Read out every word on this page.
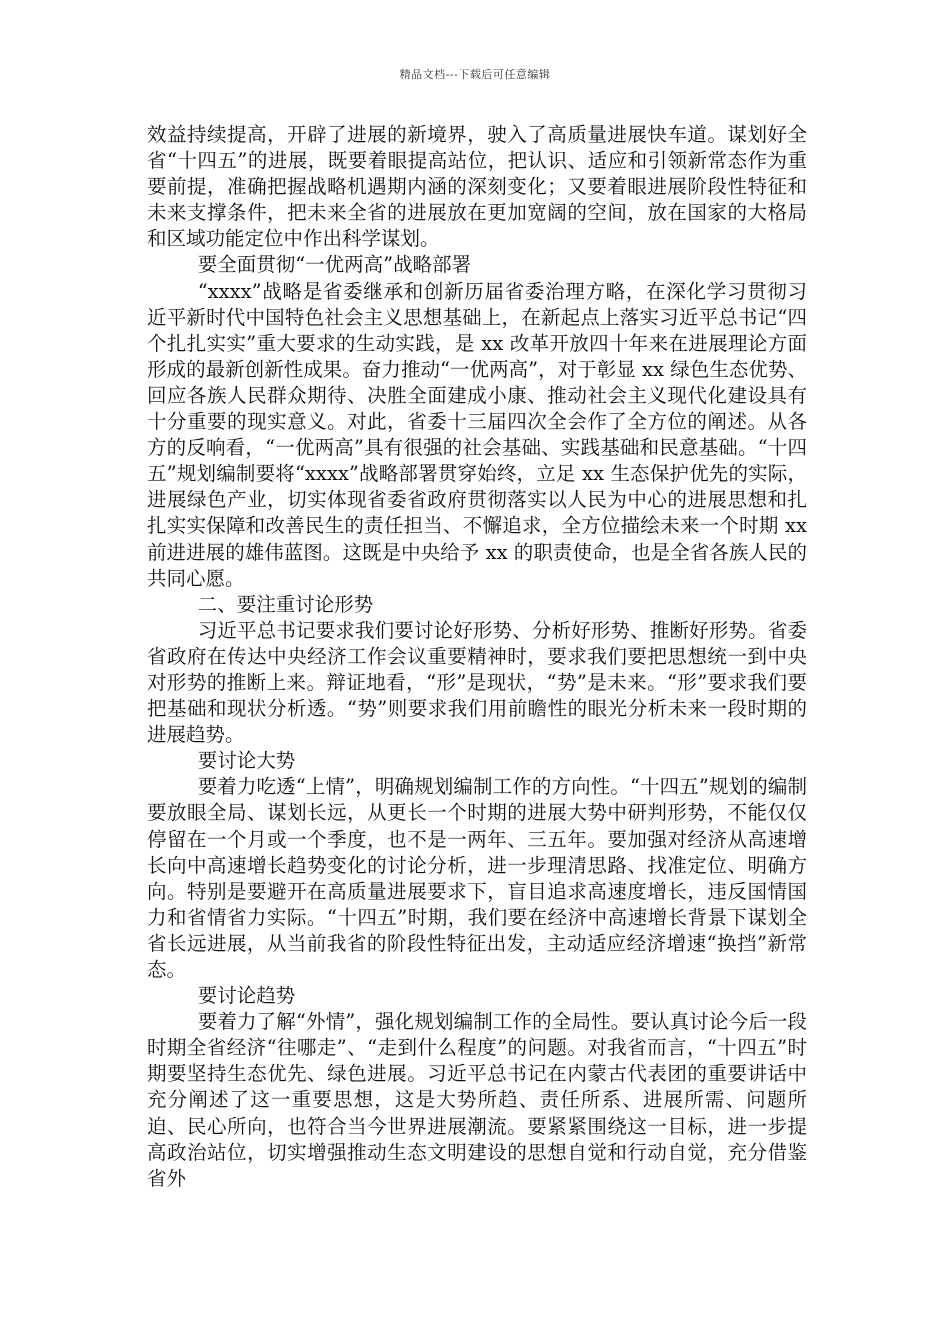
精品文档---下载后可任意编辑

效益持续提高，开辟了进展的新境界，驶入了高质量进展快车道。谋划好全省“十四五”的进展，既要着眼提高站位，把认识、适应和引领新常态作为重要前提，准确把握战略机遇期内涵的深刻变化；又要着眼进展阶段性特征和未来支撑条件，把未来全省的进展放在更加宽阔的空间，放在国家的大格局和区域功能定位中作出科学谋划。

要全面贯彻“一优两高”战略部署

“xxxx”战略是省委继承和创新历届省委治理方略，在深化学习贯彻习近平新时代中国特色社会主义思想基础上，在新起点上落实习近平总书记“四个扎扎实实”重大要求的生动实践，是 xx 改革开放四十年来在进展理论方面形成的最新创新性成果。奋力推动“一优两高”，对于彰显 xx 绿色生态优势、回应各族人民群众期待、决胜全面建成小康、推动社会主义现代化建设具有十分重要的现实意义。对此，省委十三届四次全会作了全方位的阐述。从各方的反响看，“一优两高”具有很强的社会基础、实践基础和民意基础。“十四五”规划编制要将“xxxx”战略部署贯穿始终，立足 xx 生态保护优先的实际，进展绿色产业，切实体现省委省政府贯彻落实以人民为中心的进展思想和扎扎实实保障和改善民生的责任担当、不懈追求，全方位描绘未来一个时期 xx 前进进展的雄伟蓝图。这既是中央给予 xx 的职责使命，也是全省各族人民的共同心愿。

二、要注重讨论形势

习近平总书记要求我们要讨论好形势、分析好形势、推断好形势。省委省政府在传达中央经济工作会议重要精神时，要求我们要把思想统一到中央对形势的推断上来。辩证地看，“形”是现状，“势”是未来。“形”要求我们要把基础和现状分析透。“势”则要求我们用前瞻性的眼光分析未来一段时期的进展趋势。

要讨论大势

要着力吃透“上情”，明确规划编制工作的方向性。“十四五”规划的编制要放眼全局、谋划长远，从更长一个时期的进展大势中研判形势，不能仅仅停留在一个月或一个季度，也不是一两年、三五年。要加强对经济从高速增长向中高速增长趋势变化的讨论分析，进一步理清思路、找准定位、明确方向。特别是要避开在高质量进展要求下，盲目追求高速度增长，违反国情国力和省情省力实际。“十四五”时期，我们要在经济中高速增长背景下谋划全省长远进展，从当前我省的阶段性特征出发，主动适应经济增速“换挡”新常态。

要讨论趋势

要着力了解“外情”，强化规划编制工作的全局性。要认真讨论今后一段时期全省经济“往哪走”、“走到什么程度”的问题。对我省而言，“十四五”时期要坚持生态优先、绿色进展。习近平总书记在内蒙古代表团的重要讲话中充分阐述了这一重要思想，这是大势所趋、责任所系、进展所需、问题所迫、民心所向，也符合当今世界进展潮流。要紧紧围绕这一目标，进一步提高政治站位，切实增强推动生态文明建设的思想自觉和行动自觉，充分借鉴省外
